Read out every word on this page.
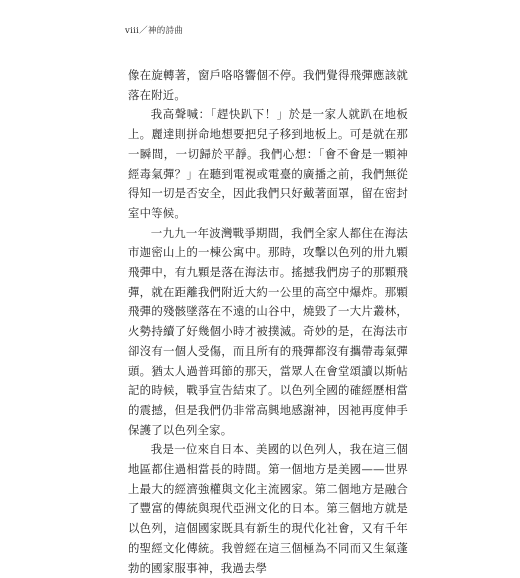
viii／神的詩曲

像在旋轉著，窗戶咯咯響個不停。我們覺得飛彈應該就落在附近。

我高聲喊：「趕快趴下！」於是一家人就趴在地板上。麗達則拼命地想要把兒子移到地板上。可是就在那一瞬間，一切歸於平靜。我們心想：「會不會是一顆神經毒氣彈？」在聽到電視或電臺的廣播之前，我們無從得知一切是否安全，因此我們只好戴著面罩，留在密封室中等候。

一九九一年波灣戰爭期間，我們全家人都住在海法市迦密山上的一棟公寓中。那時，攻擊以色列的卅九顆飛彈中，有九顆是落在海法市。搖撼我們房子的那顆飛彈，就在距離我們附近大約一公里的高空中爆炸。那顆飛彈的殘骸墜落在不遠的山谷中，燒毀了一大片叢林，火勢持續了好幾個小時才被撲滅。奇妙的是，在海法市卻沒有一個人受傷，而且所有的飛彈都沒有攜帶毒氣彈頭。猶太人過普珥節的那天，當眾人在會堂頌讀以斯帖記的時候，戰爭宣告結束了。以色列全國的確經歷相當的震撼，但是我們仍非常高興地感謝神，因祂再度伸手保護了以色列全家。

我是一位來自日本、美國的以色列人，我在這三個地區都住過相當長的時間。第一個地方是美國——世界上最大的經濟強權與文化主流國家。第二個地方是融合了豐富的傳統與現代亞洲文化的日本。第三個地方就是以色列，這個國家既具有新生的現代化社會，又有千年的聖經文化傳統。我曾經在這三個極為不同而又生氣蓬勃的國家服事神，我過去學
